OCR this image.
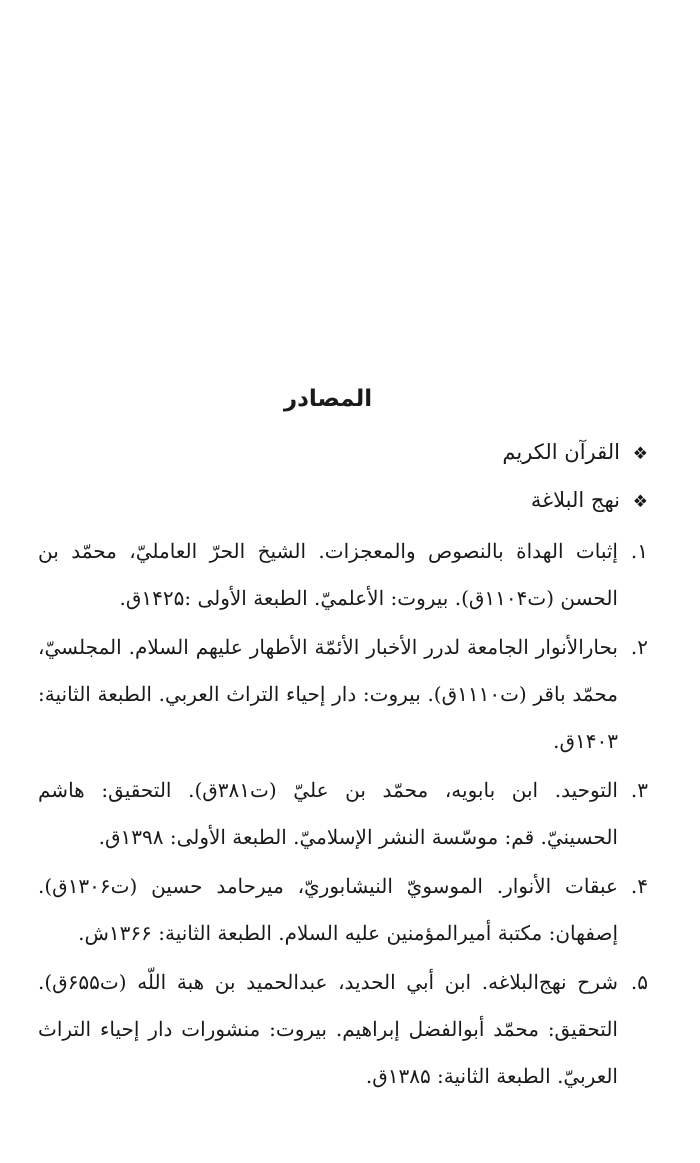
المصادر
❖
القرآن الكريم
❖
نهج البلاغة
١.
إثبات الهداة بالنصوص والمعجزات. الشيخ الحرّ العامليّ، محمّد بن الحسن (ت١١٠۴ق). بيروت: الأعلميّ. الطبعة الأولى :١۴٢۵ق.
٢.
بحارالأنوار الجامعة لدرر الأخبار الأئمّة الأطهار عليهم السلام. المجلسيّ، محمّد باقر (ت١١١٠ق). بيروت: دار إحياء التراث العربي. الطبعة الثانية: ١۴٠٣ق.
٣.
التوحيد. ابن بابويه، محمّد بن عليّ (ت٣٨١ق). التحقيق: هاشم الحسينيّ. قم: موسّسة النشر الإسلاميّ. الطبعة الأولى: ١٣٩٨ق.
۴.
عبقات الأنوار. الموسويّ النيشابوريّ، ميرحامد حسين (ت١٣٠۶ق). إصفهان: مكتبة أميرالمؤمنين عليه السلام. الطبعة الثانية: ١٣۶۶ش.
۵.
شرح نهج‌البلاغه. ابن أبي الحديد، عبدالحميد بن هبة اللّه (ت۶۵۵ق). التحقيق: محمّد أبوالفضل إبراهيم. بيروت: منشورات دار إحياء التراث العربيّ. الطبعة الثانية: ١٣٨۵ق.
